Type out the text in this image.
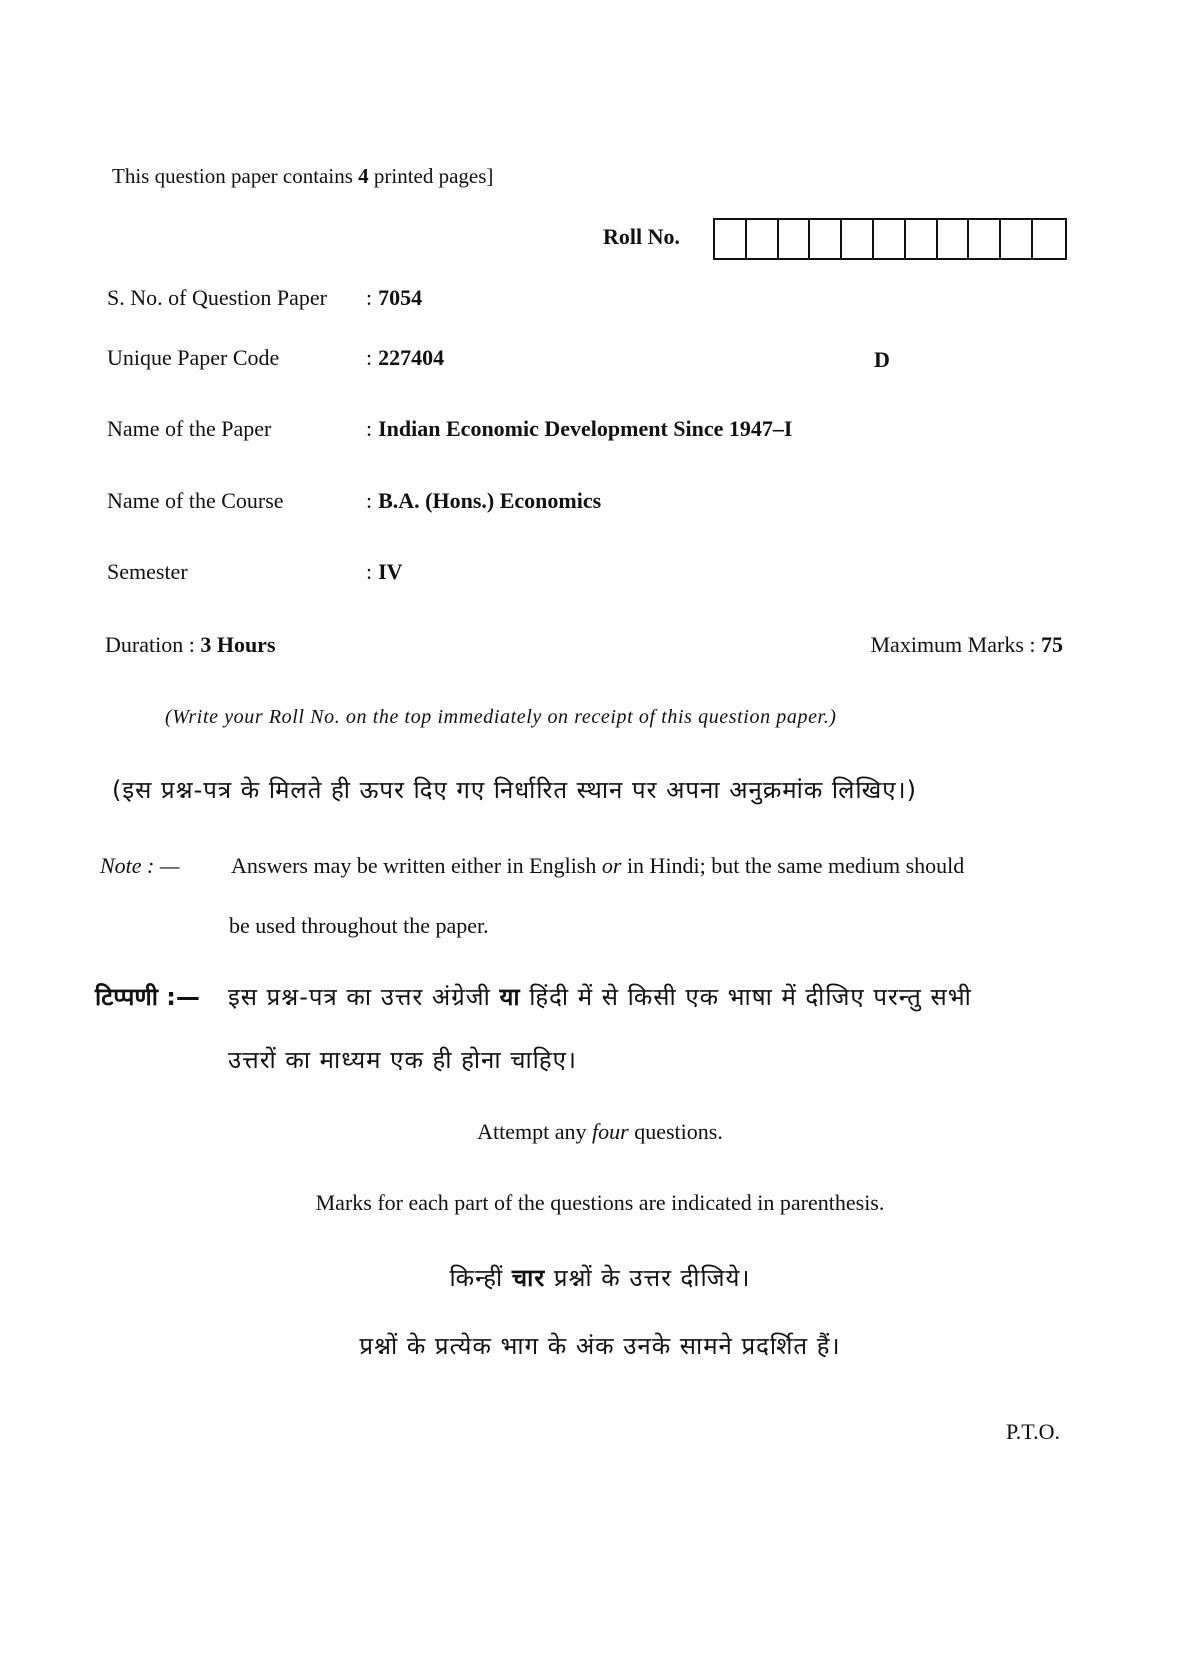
This question paper contains 4 printed pages]
Roll No.
S. No. of Question Paper : 7054
Unique Paper Code	: 227404	D
Name of the Paper	: Indian Economic Development Since 1947–I
Name of the Course	: B.A. (Hons.) Economics
Semester	: IV
Duration : 3 Hours	Maximum Marks : 75
(Write your Roll No. on the top immediately on receipt of this question paper.)
(इस प्रश्न-पत्र के मिलते ही ऊपर दिए गए निर्धारित स्थान पर अपना अनुक्रमांक लिखिए।)
Note : — Answers may be written either in English or in Hindi; but the same medium should
be used throughout the paper.
टिप्पणी :— इस प्रश्न-पत्र का उत्तर अंग्रेजी या हिंदी में से किसी एक भाषा में दीजिए परन्तु सभी
उत्तरों का माध्यम एक ही होना चाहिए।
Attempt any four questions.
Marks for each part of the questions are indicated in parenthesis.
किन्हीं चार प्रश्नों के उत्तर दीजिये।
प्रश्नों के प्रत्येक भाग के अंक उनके सामने प्रदर्शित हैं।
P.T.O.
